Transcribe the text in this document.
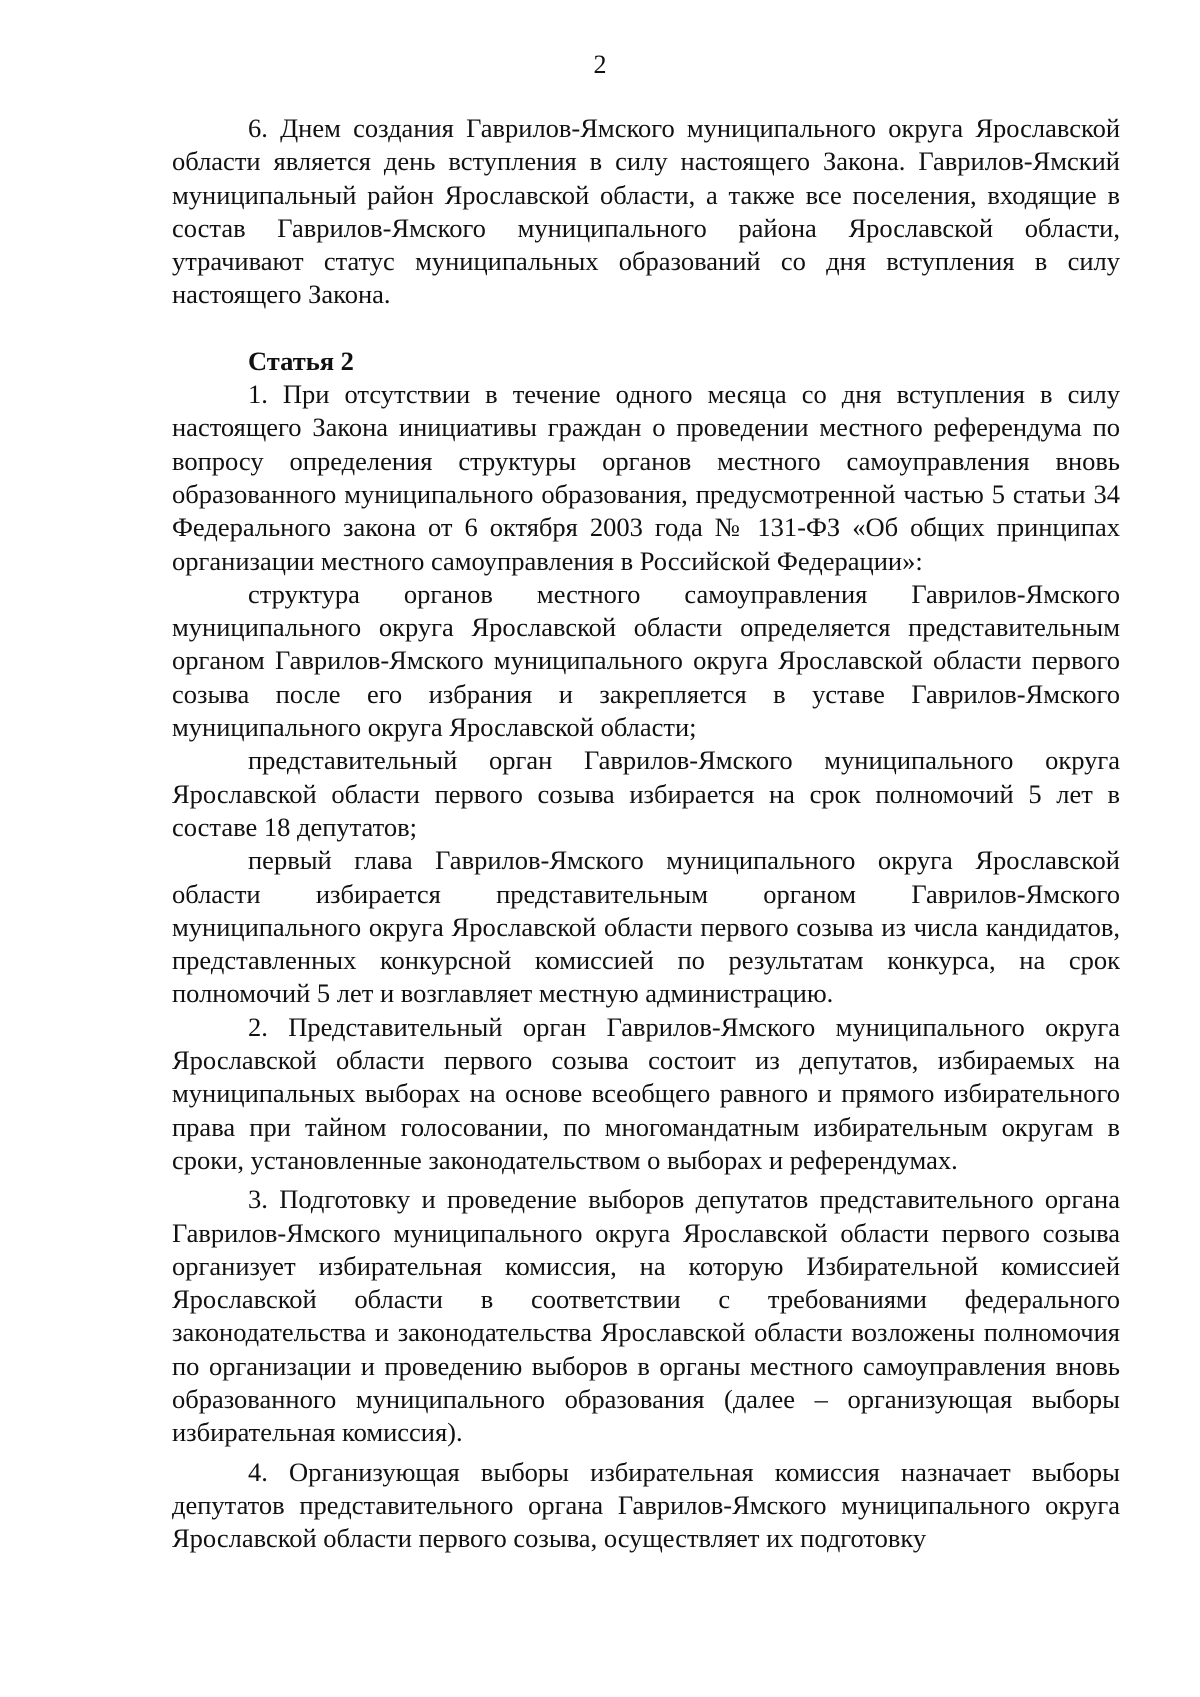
2

6. Днем создания Гаврилов-Ямского муниципального округа Ярославской области является день вступления в силу настоящего Закона. Гаврилов-Ямский муниципальный район Ярославской области, а также все поселения, входящие в состав Гаврилов-Ямского муниципального района Ярославской области, утрачивают статус муниципальных образований со дня вступления в силу настоящего Закона.

Статья 2

1. При отсутствии в течение одного месяца со дня вступления в силу настоящего Закона инициативы граждан о проведении местного референдума по вопросу определения структуры органов местного самоуправления вновь образованного муниципального образования, предусмотренной частью 5 статьи 34 Федерального закона от 6 октября 2003 года № 131-ФЗ «Об общих принципах организации местного самоуправления в Российской Федерации»:

структура органов местного самоуправления Гаврилов-Ямского муниципального округа Ярославской области определяется представительным органом Гаврилов-Ямского муниципального округа Ярославской области первого созыва после его избрания и закрепляется в уставе Гаврилов-Ямского муниципального округа Ярославской области;

представительный орган Гаврилов-Ямского муниципального округа Ярославской области первого созыва избирается на срок полномочий 5 лет в составе 18 депутатов;

первый глава Гаврилов-Ямского муниципального округа Ярославской области избирается представительным органом Гаврилов-Ямского муниципального округа Ярославской области первого созыва из числа кандидатов, представленных конкурсной комиссией по результатам конкурса, на срок полномочий 5 лет и возглавляет местную администрацию.

2. Представительный орган Гаврилов-Ямского муниципального округа Ярославской области первого созыва состоит из депутатов, избираемых на муниципальных выборах на основе всеобщего равного и прямого избирательного права при тайном голосовании, по многомандатным избирательным округам в сроки, установленные законодательством о выборах и референдумах.

3. Подготовку и проведение выборов депутатов представительного органа Гаврилов-Ямского муниципального округа Ярославской области первого созыва организует избирательная комиссия, на которую Избирательной комиссией Ярославской области в соответствии с требованиями федерального законодательства и законодательства Ярославской области возложены полномочия по организации и проведению выборов в органы местного самоуправления вновь образованного муниципального образования (далее – организующая выборы избирательная комиссия).

4. Организующая выборы избирательная комиссия назначает выборы депутатов представительного органа Гаврилов-Ямского муниципального округа Ярославской области первого созыва, осуществляет их подготовку
